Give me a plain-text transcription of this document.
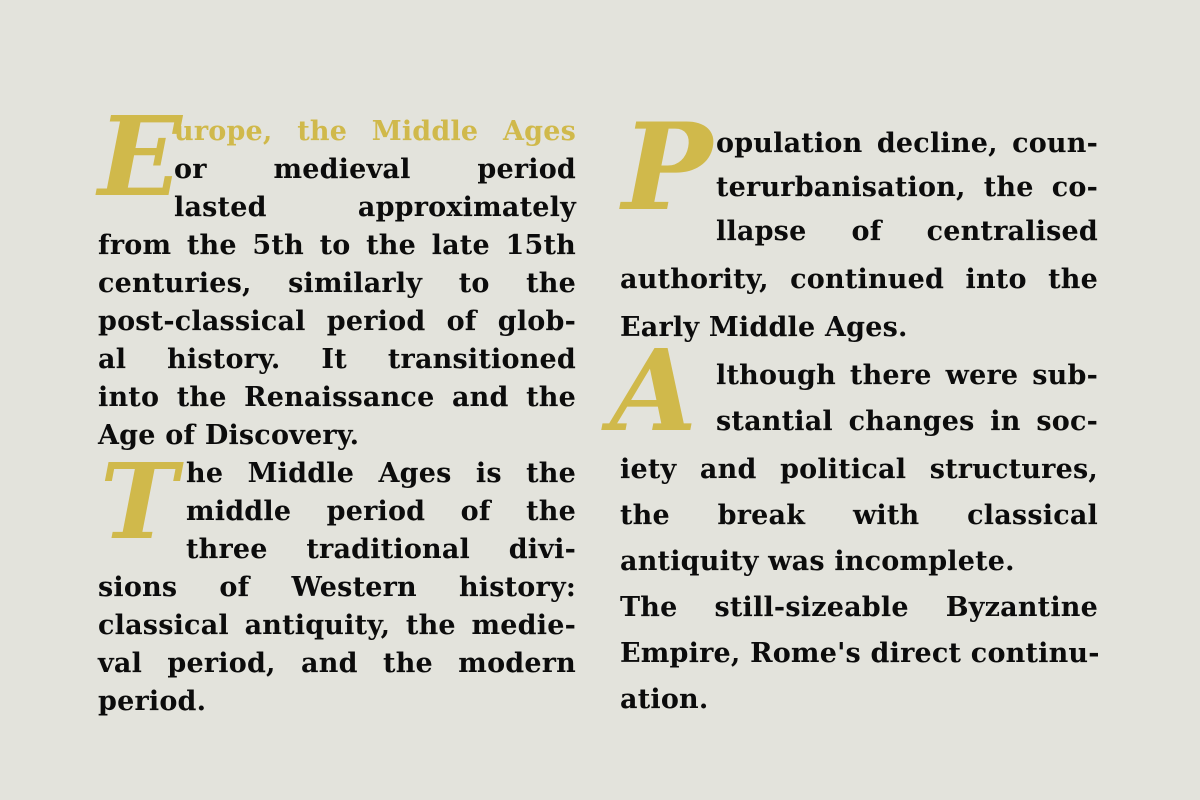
E
urope, the Middle Ages
or medieval period
lasted approximately
from the 5th to the late 15th
centuries, similarly to the
post-classical period of glob-
al history. It transitioned
into the Renaissance and the
Age of Discovery.
T he Middle Ages is the
middle period of the
three traditional divi-
sions of Western history:
classical antiquity, the medie-
val period, and the modern
period.
P opulation decline, coun-
terurbanisation, the co-
llapse of centralised
authority, continued into the
Early Middle Ages.
A lthough there were sub-
stantial changes in soc-
iety and political structures,
the break with classical
antiquity was incomplete.
The still-sizeable Byzantine
Empire, Rome's direct continu-
ation.
